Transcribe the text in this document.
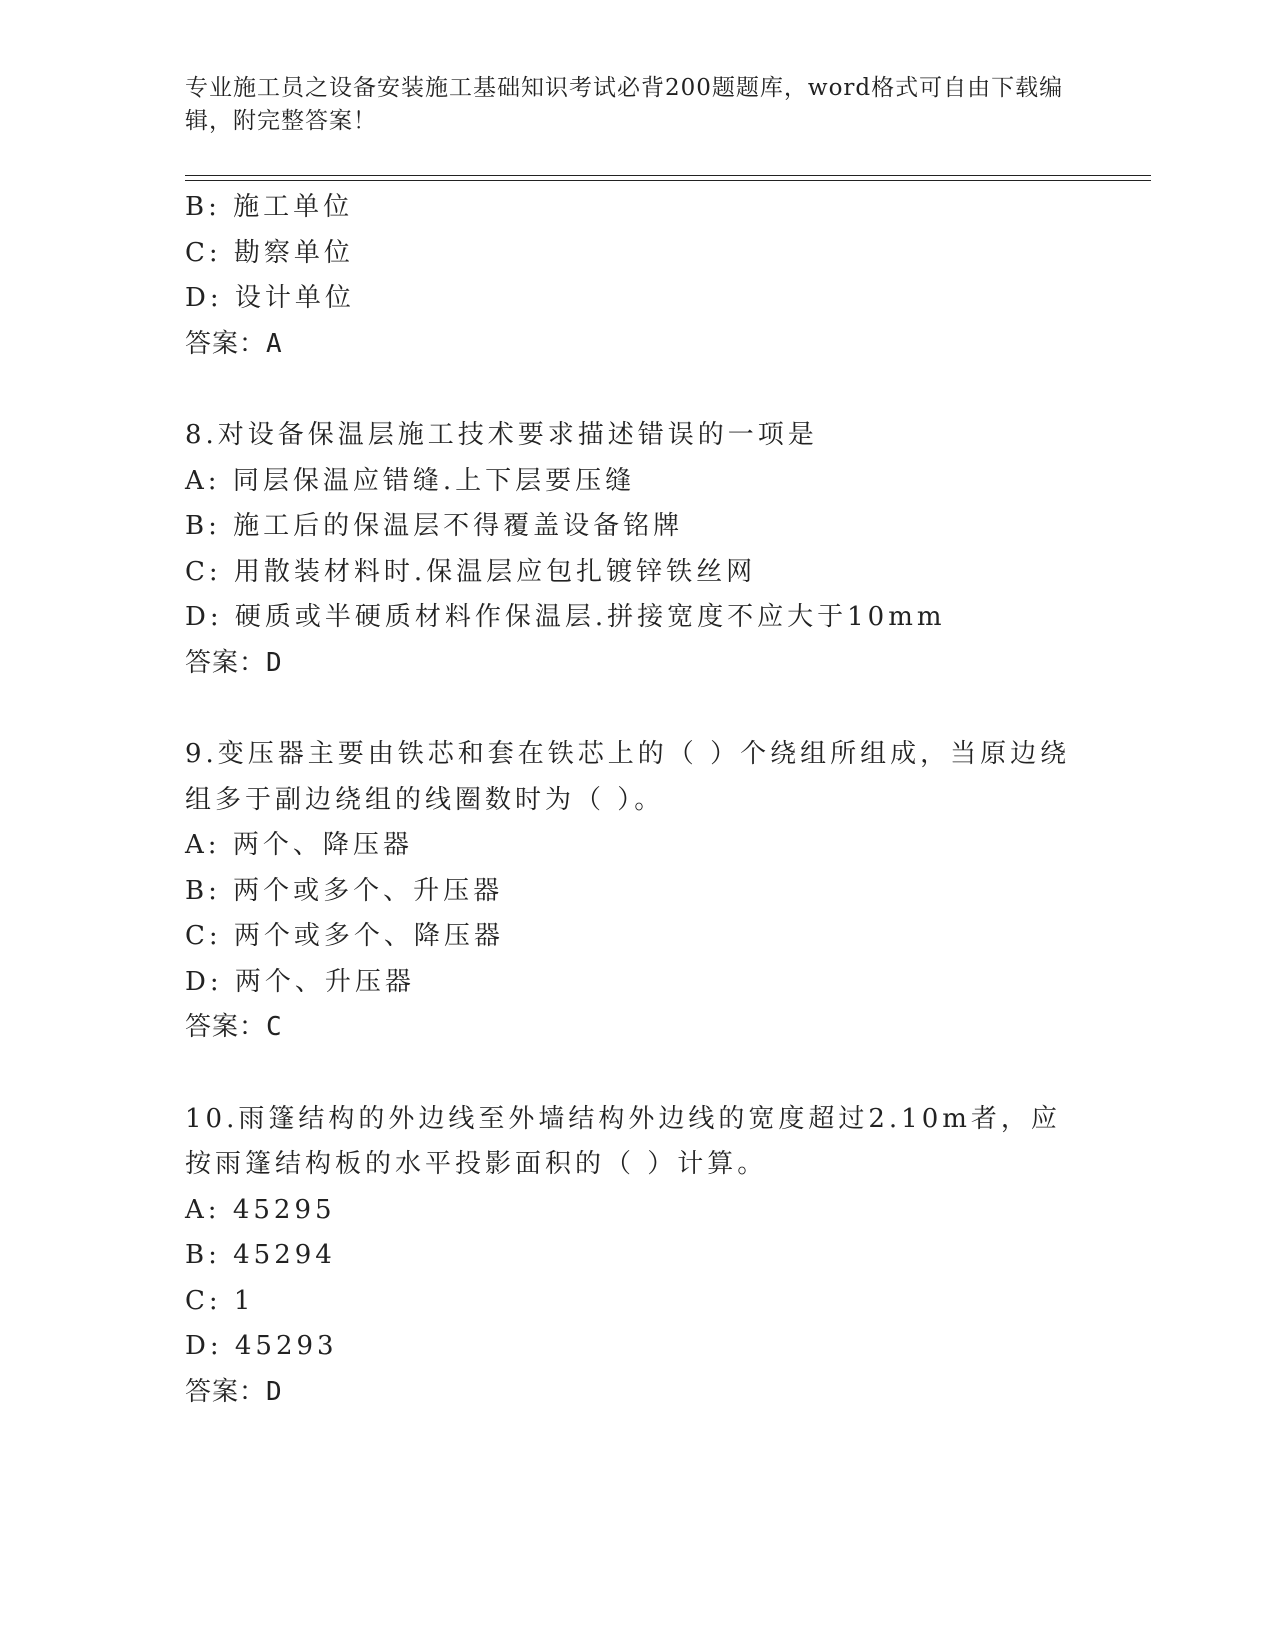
专业施工员之设备安装施工基础知识考试必背200题题库，word格式可自由下载编辑，附完整答案！
B: 施工单位
C: 勘察单位
D: 设计单位
答案：A
8.对设备保温层施工技术要求描述错误的一项是
A: 同层保温应错缝.上下层要压缝
B: 施工后的保温层不得覆盖设备铭牌
C: 用散装材料时.保温层应包扎镀锌铁丝网
D: 硬质或半硬质材料作保温层.拼接宽度不应大于10mm
答案：D
9.变压器主要由铁芯和套在铁芯上的（ ）个绕组所组成，当原边绕组多于副边绕组的线圈数时为（ ）。
A: 两个、降压器
B: 两个或多个、升压器
C: 两个或多个、降压器
D: 两个、升压器
答案：C
10.雨篷结构的外边线至外墙结构外边线的宽度超过2.10m者，应按雨篷结构板的水平投影面积的（ ）计算。
A: 45295
B: 45294
C: 1
D: 45293
答案：D
